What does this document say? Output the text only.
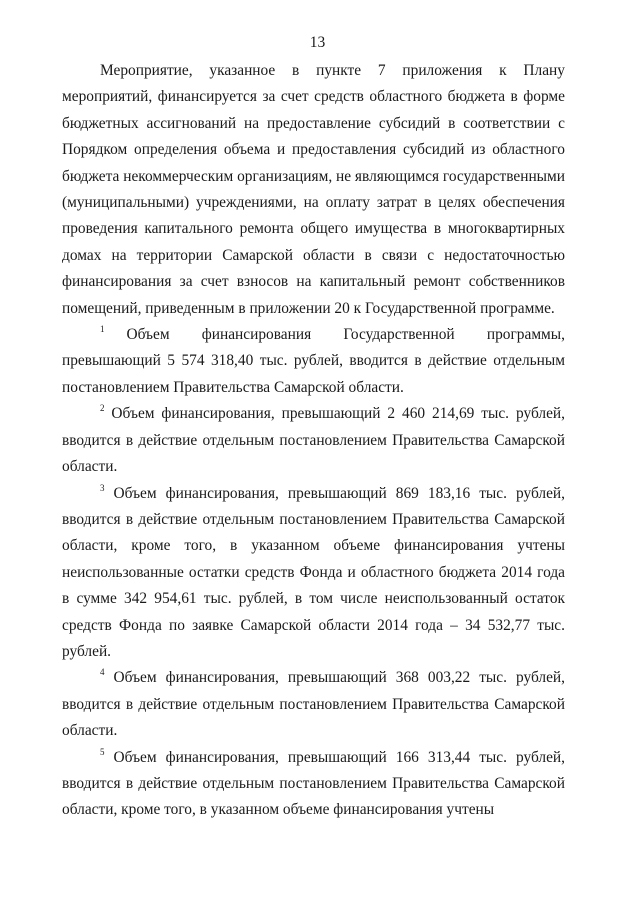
13

Мероприятие, указанное в пункте 7 приложения к Плану мероприятий, финансируется за счет средств областного бюджета в форме бюджетных ассигнований на предоставление субсидий в соответствии с Порядком определения объема и предоставления субсидий из областного бюджета некоммерческим организациям, не являющимся государственными (муниципальными) учреждениями, на оплату затрат в целях обеспечения проведения капитального ремонта общего имущества в многоквартирных домах на территории Самарской области в связи с недостаточностью финансирования за счет взносов на капитальный ремонт собственников помещений, приведенным в приложении 20 к Государственной программе.

$^1$ Объем финансирования Государственной программы, превышающий 5 574 318,40 тыс. рублей, вводится в действие отдельным постановлением Правительства Самарской области.

$^2$ Объем финансирования, превышающий 2 460 214,69 тыс. рублей, вводится в действие отдельным постановлением Правительства Самарской области.

$^3$ Объем финансирования, превышающий 869 183,16 тыс. рублей, вводится в действие отдельным постановлением Правительства Самарской области, кроме того, в указанном объеме финансирования учтены неиспользованные остатки средств Фонда и областного бюджета 2014 года в сумме 342 954,61 тыс. рублей, в том числе неиспользованный остаток средств Фонда по заявке Самарской области 2014 года – 34 532,77 тыс. рублей.

$^4$ Объем финансирования, превышающий 368 003,22 тыс. рублей, вводится в действие отдельным постановлением Правительства Самарской области.

$^5$ Объем финансирования, превышающий 166 313,44 тыс. рублей, вводится в действие отдельным постановлением Правительства Самарской области, кроме того, в указанном объеме финансирования учтены
